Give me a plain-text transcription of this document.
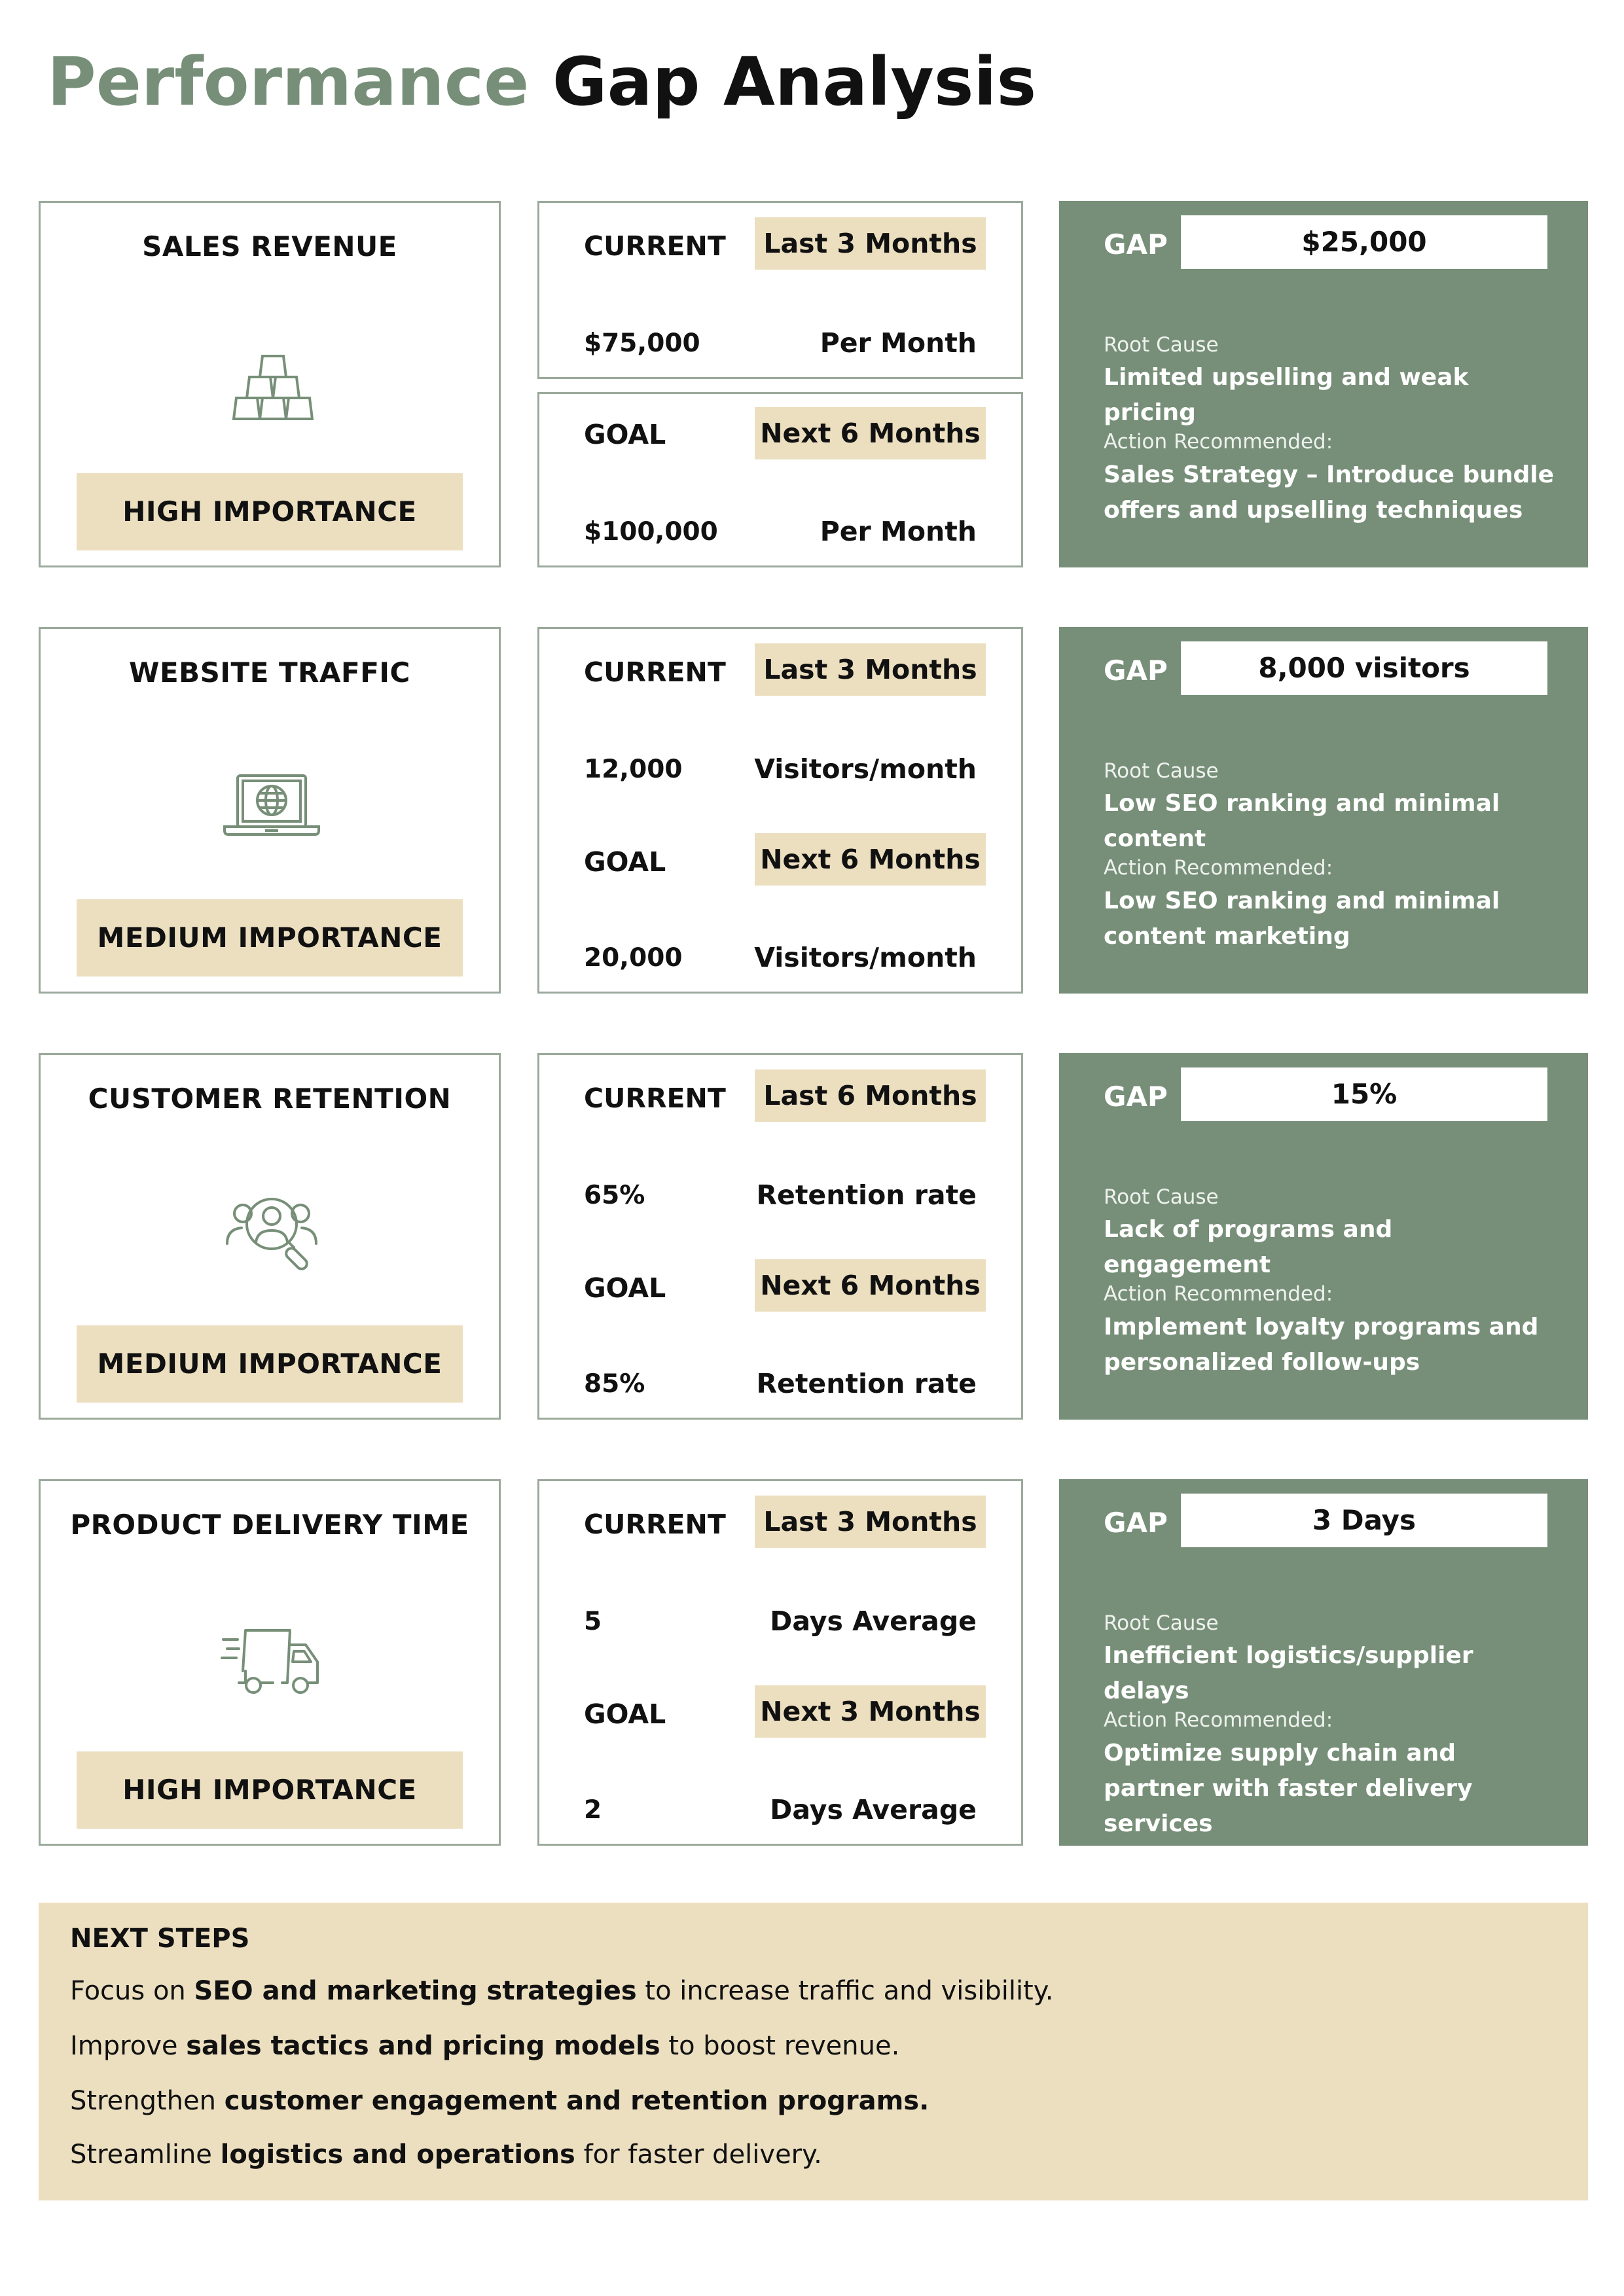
Performance Gap Analysis
SALES REVENUE
HIGH IMPORTANCE
CURRENT	Last 3 Months
$75,000	Per Month
GOAL	Next 6 Months
$100,000	Per Month
GAP	$25,000
Root Cause
Limited upselling and weak pricing
Action Recommended:
Sales Strategy – Introduce bundle offers and upselling techniques
WEBSITE TRAFFIC
MEDIUM IMPORTANCE
CURRENT	Last 3 Months
12,000	Visitors/month
GOAL	Next 6 Months
20,000	Visitors/month
GAP	8,000 visitors
Root Cause
Low SEO ranking and minimal content
Action Recommended:
Low SEO ranking and minimal content marketing
CUSTOMER RETENTION
MEDIUM IMPORTANCE
CURRENT	Last 6 Months
65%	Retention rate
GOAL	Next 6 Months
85%	Retention rate
GAP	15%
Root Cause
Lack of programs and engagement
Action Recommended:
Implement loyalty programs and personalized follow-ups
PRODUCT DELIVERY TIME
HIGH IMPORTANCE
CURRENT	Last 3 Months
5	Days Average
GOAL	Next 3 Months
2	Days Average
GAP	3 Days
Root Cause
Inefficient logistics/supplier delays
Action Recommended:
Optimize supply chain and partner with faster delivery services
NEXT STEPS
Focus on SEO and marketing strategies to increase traffic and visibility.
Improve sales tactics and pricing models to boost revenue.
Strengthen customer engagement and retention programs.
Streamline logistics and operations for faster delivery.
